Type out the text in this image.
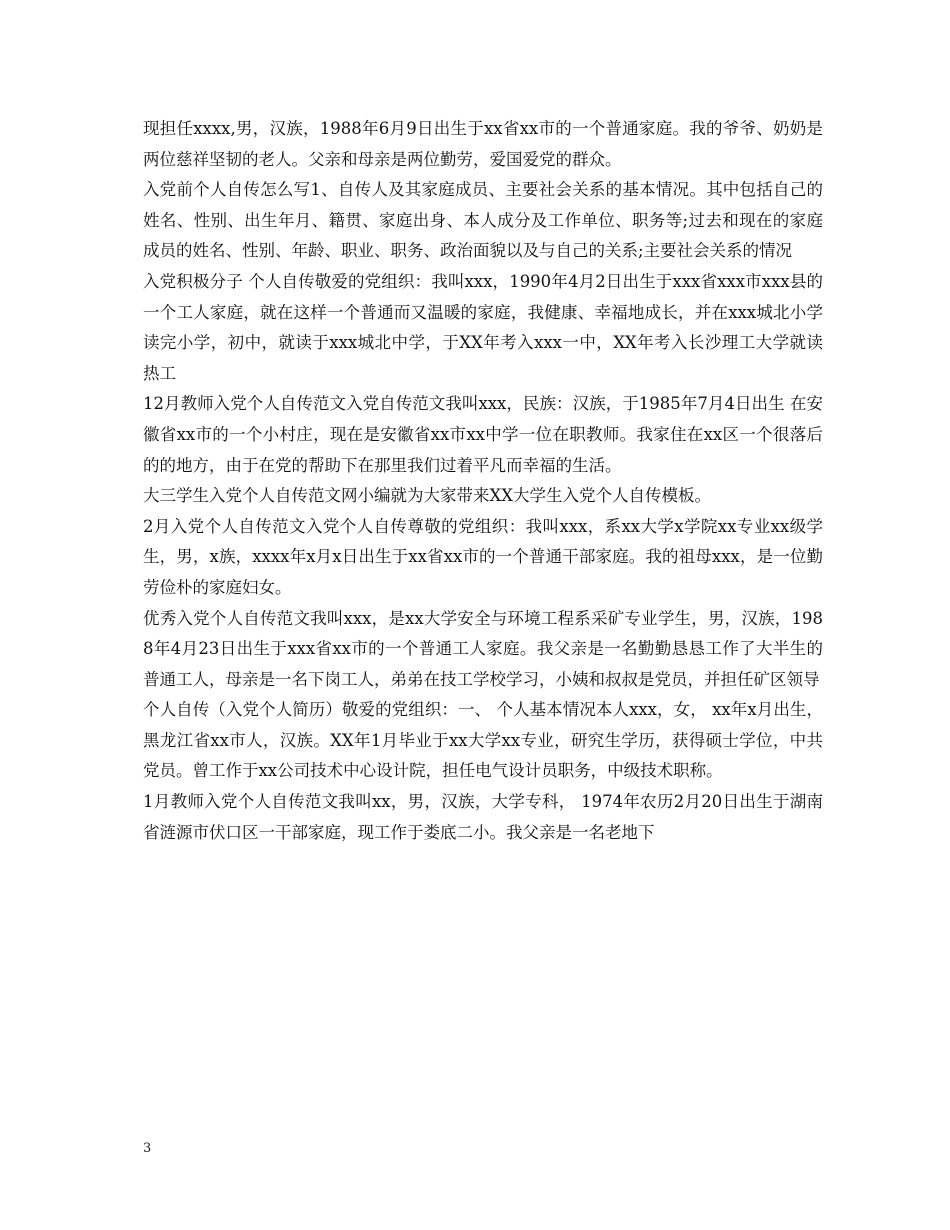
现担任xxxx,男，汉族，1988年6月9日出生于xx省xx市的一个普通家庭。我的爷爷、奶奶是两位慈祥坚韧的老人。父亲和母亲是两位勤劳，爱国爱党的群众。

入党前个人自传怎么写1、自传人及其家庭成员、主要社会关系的基本情况。其中包括自己的姓名、性别、出生年月、籍贯、家庭出身、本人成分及工作单位、职务等;过去和现在的家庭成员的姓名、性别、年龄、职业、职务、政治面貌以及与自己的关系;主要社会关系的情况

入党积极分子 个人自传敬爱的党组织：我叫xxx，1990年4月2日出生于xxx省xxx市xxx县的一个工人家庭，就在这样一个普通而又温暖的家庭，我健康、幸福地成长，并在xxx城北小学读完小学，初中，就读于xxx城北中学，于XX年考入xxx一中，XX年考入长沙理工大学就读热工

12月教师入党个人自传范文入党自传范文我叫xxx，民族：汉族，于1985年7月4日出生 在安徽省xx市的一个小村庄，现在是安徽省xx市xx中学一位在职教师。我家住在xx区一个很落后的的地方，由于在党的帮助下在那里我们过着平凡而幸福的生活。

大三学生入党个人自传范文网小编就为大家带来XX大学生入党个人自传模板。

2月入党个人自传范文入党个人自传尊敬的党组织：我叫xxx，系xx大学x学院xx专业xx级学生，男，x族，xxxx年x月x日出生于xx省xx市的一个普通干部家庭。我的祖母xxx，是一位勤劳俭朴的家庭妇女。

优秀入党个人自传范文我叫xxx，是xx大学安全与环境工程系采矿专业学生，男，汉族，1988年4月23日出生于xxx省xx市的一个普通工人家庭。我父亲是一名勤勤恳恳工作了大半生的普通工人，母亲是一名下岗工人，弟弟在技工学校学习，小姨和叔叔是党员，并担任矿区领导

个人自传（入党个人简历）敬爱的党组织：一、 个人基本情况本人xxx，女， xx年x月出生，黑龙江省xx市人，汉族。XX年1月毕业于xx大学xx专业，研究生学历，获得硕士学位，中共党员。曾工作于xx公司技术中心设计院，担任电气设计员职务，中级技术职称。

1月教师入党个人自传范文我叫xx，男，汉族，大学专科， 1974年农历2月20日出生于湖南省涟源市伏口区一干部家庭，现工作于娄底二小。我父亲是一名老地下

3
